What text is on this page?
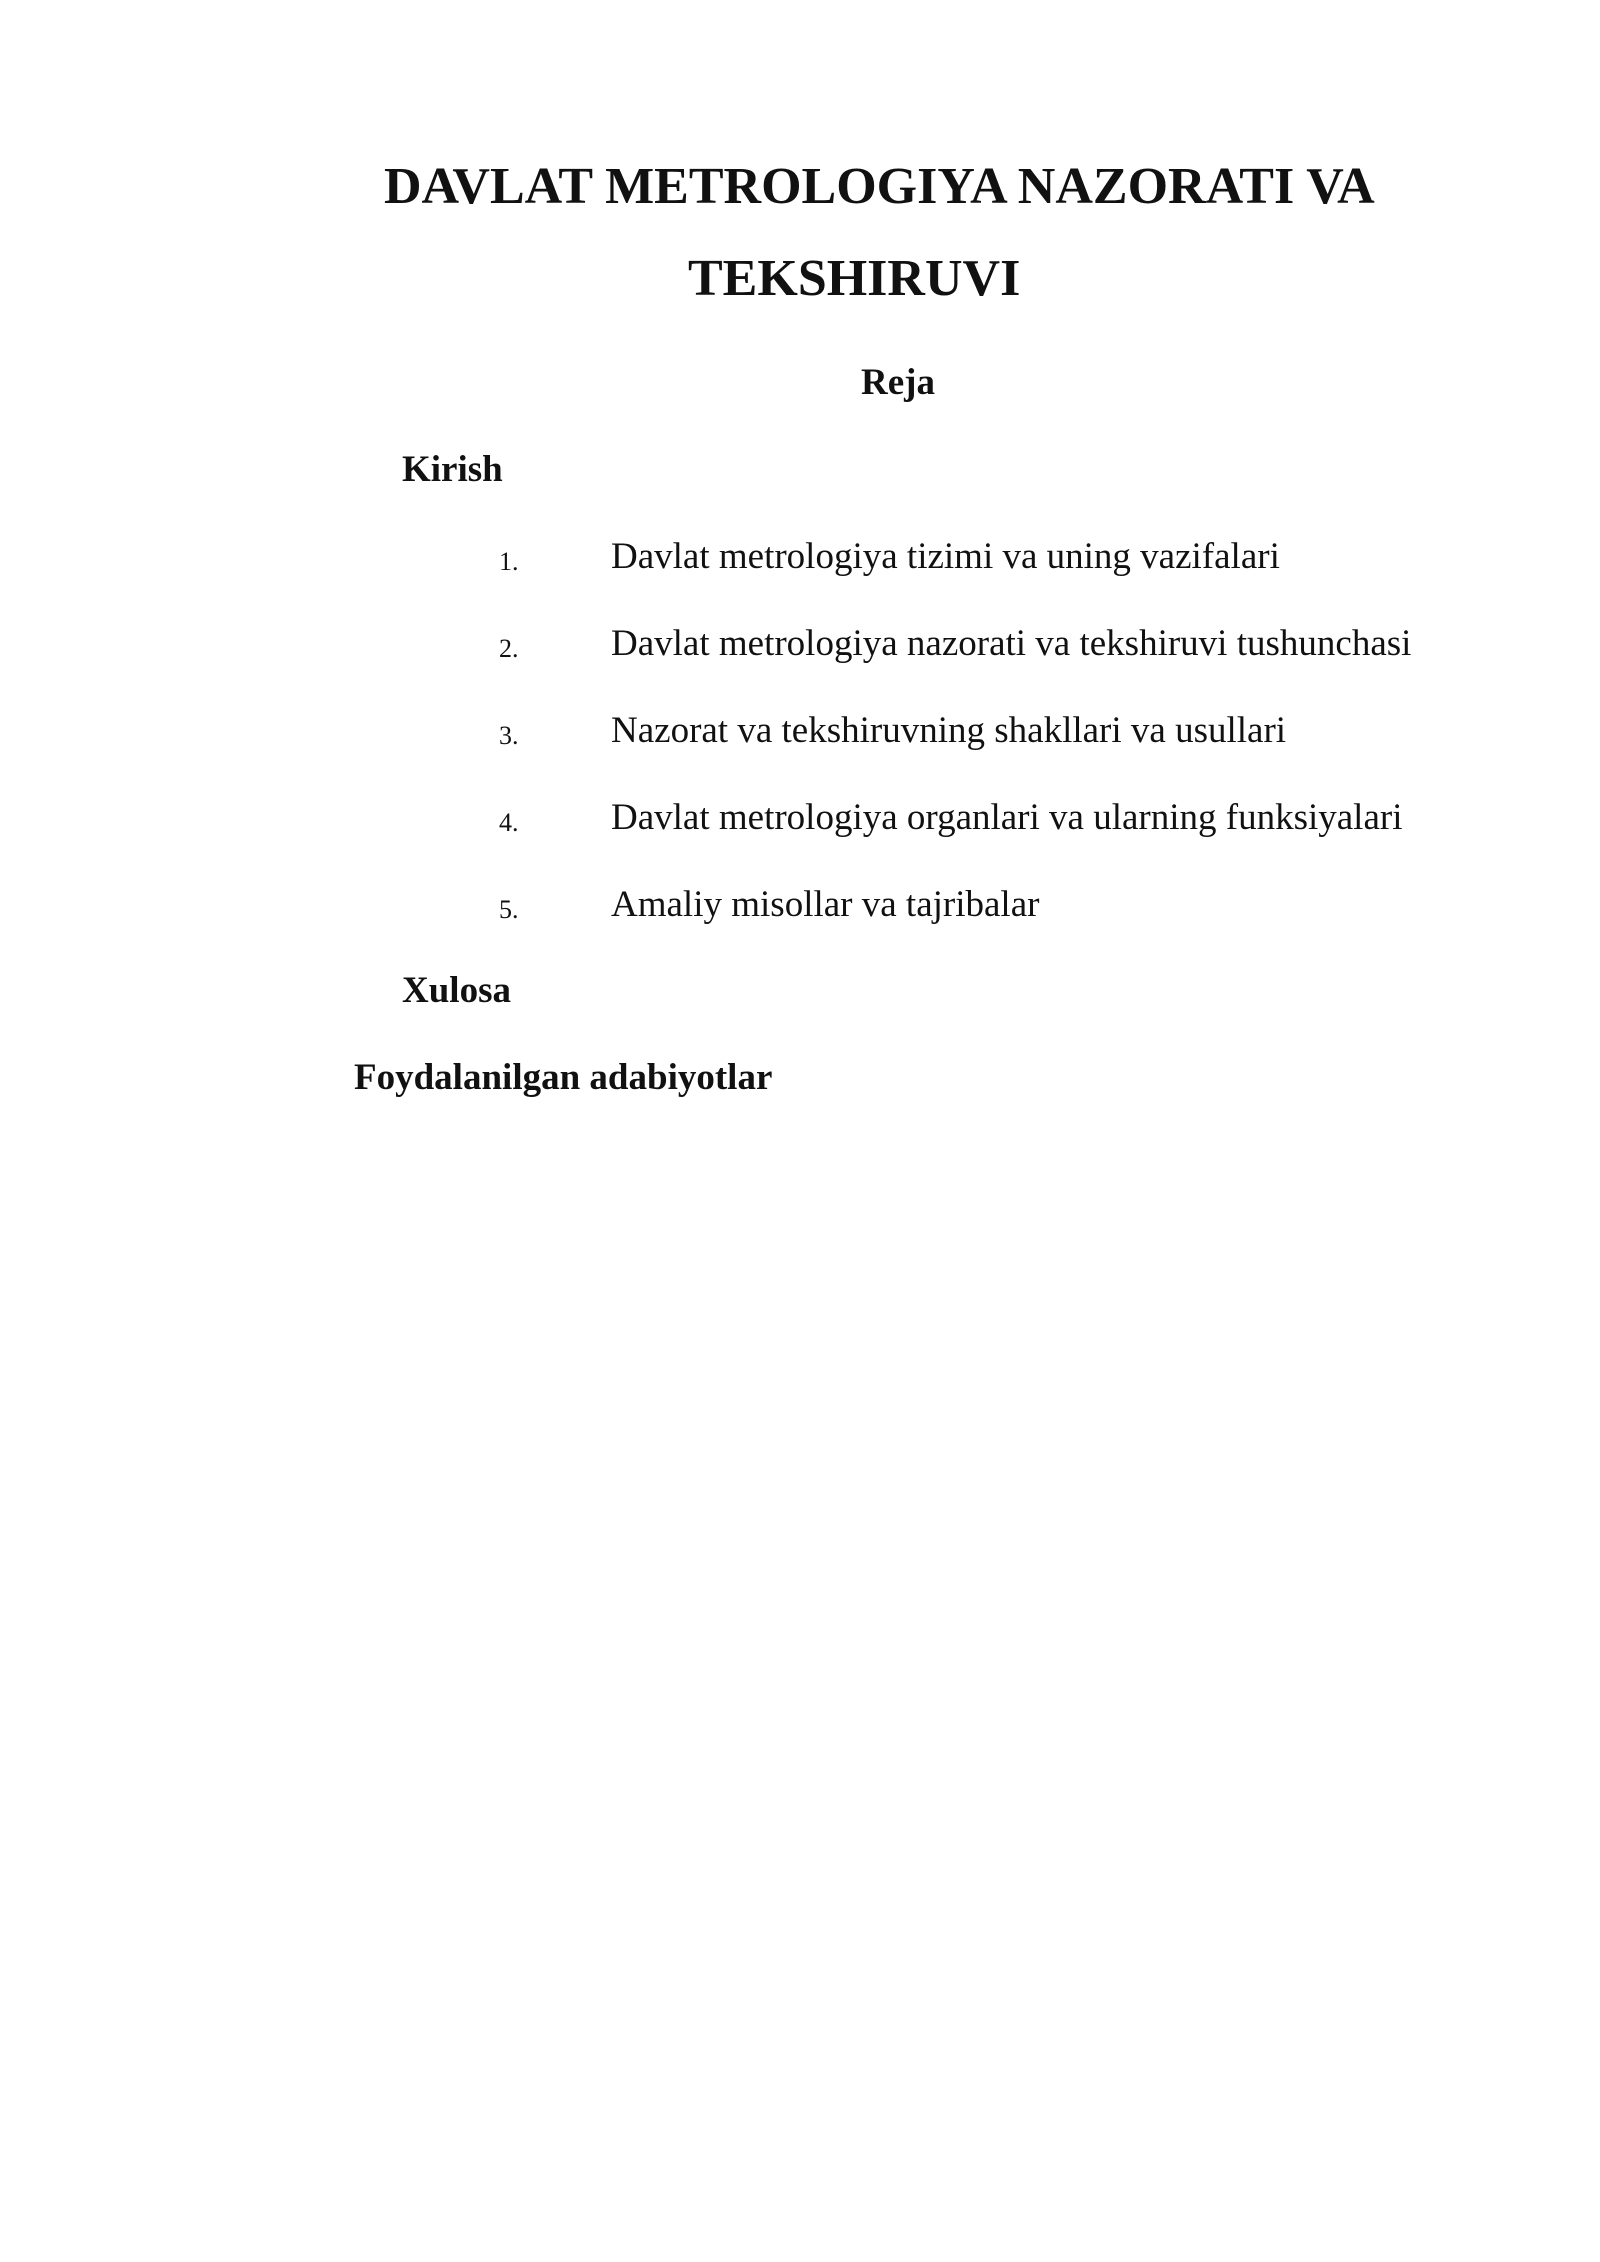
DAVLAT METROLOGIYA NAZORATI VA
TEKSHIRUVI
Reja
Kirish
1.	Davlat metrologiya tizimi va uning vazifalari
2.	Davlat metrologiya nazorati va tekshiruvi tushunchasi
3.	Nazorat va tekshiruvning shakllari va usullari
4.	Davlat metrologiya organlari va ularning funksiyalari
5.	Amaliy misollar va tajribalar
Xulosa
Foydalanilgan adabiyotlar
